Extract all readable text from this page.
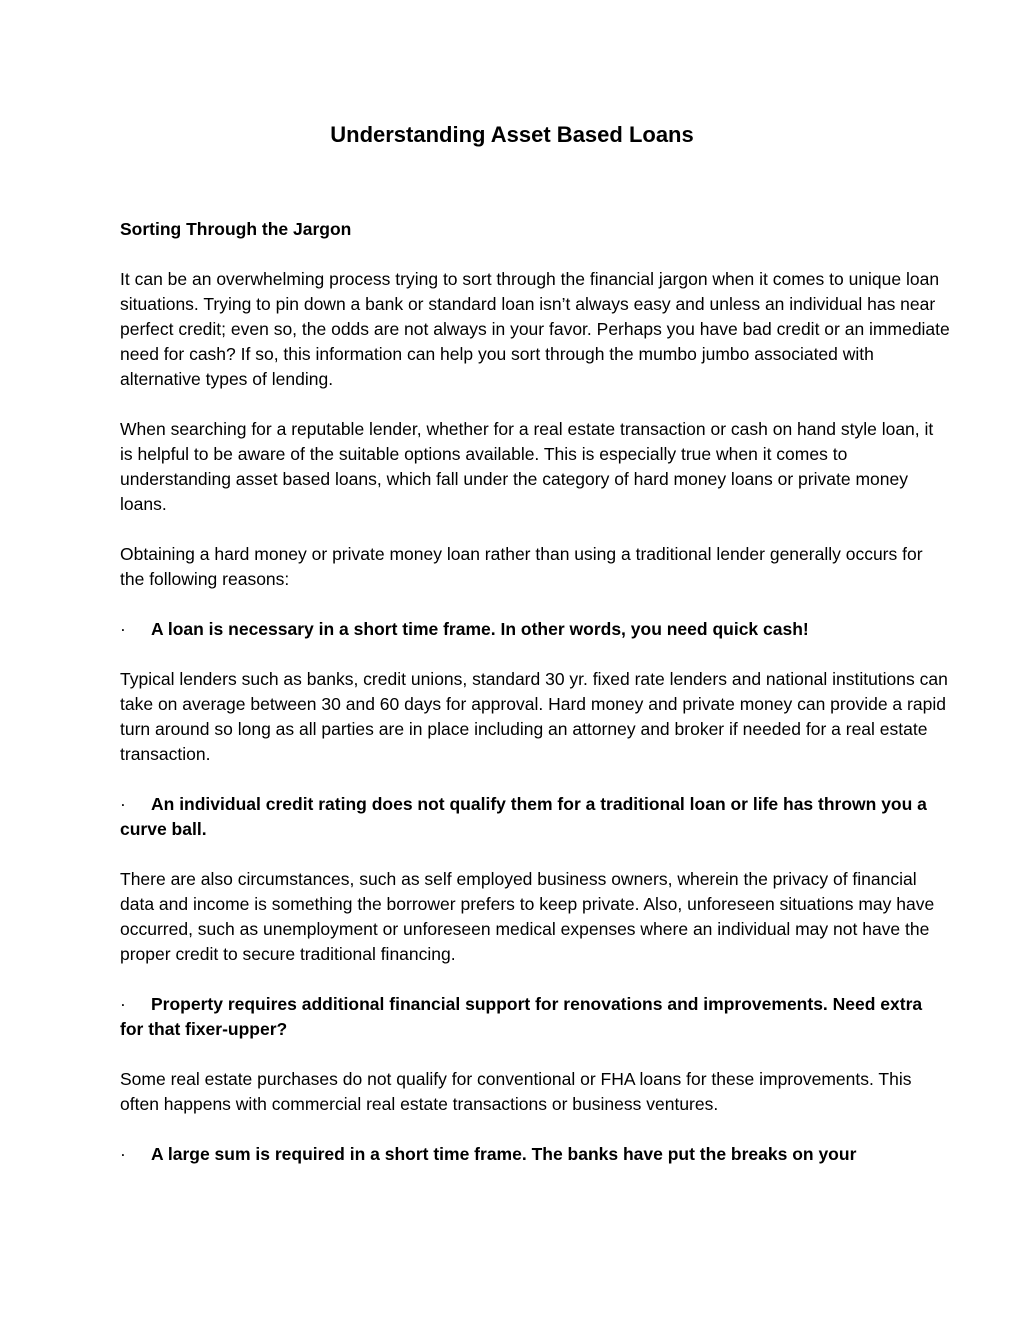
Understanding Asset Based Loans

Sorting Through the Jargon

It can be an overwhelming process trying to sort through the financial jargon when it comes to unique loan situations. Trying to pin down a bank or standard loan isn’t always easy and unless an individual has near perfect credit; even so, the odds are not always in your favor. Perhaps you have bad credit or an immediate need for cash? If so, this information can help you sort through the mumbo jumbo associated with alternative types of lending.

When searching for a reputable lender, whether for a real estate transaction or cash on hand style loan, it is helpful to be aware of the suitable options available. This is especially true when it comes to understanding asset based loans, which fall under the category of hard money loans or private money loans.

Obtaining a hard money or private money loan rather than using a traditional lender generally occurs for the following reasons:

· A loan is necessary in a short time frame. In other words, you need quick cash!

Typical lenders such as banks, credit unions, standard 30 yr. fixed rate lenders and national institutions can take on average between 30 and 60 days for approval. Hard money and private money can provide a rapid turn around so long as all parties are in place including an attorney and broker if needed for a real estate transaction.

· An individual credit rating does not qualify them for a traditional loan or life has thrown you a curve ball.

There are also circumstances, such as self employed business owners, wherein the privacy of financial data and income is something the borrower prefers to keep private. Also, unforeseen situations may have occurred, such as unemployment or unforeseen medical expenses where an individual may not have the proper credit to secure traditional financing.

· Property requires additional financial support for renovations and improvements. Need extra for that fixer-upper?

Some real estate purchases do not qualify for conventional or FHA loans for these improvements. This often happens with commercial real estate transactions or business ventures.

· A large sum is required in a short time frame. The banks have put the breaks on your
